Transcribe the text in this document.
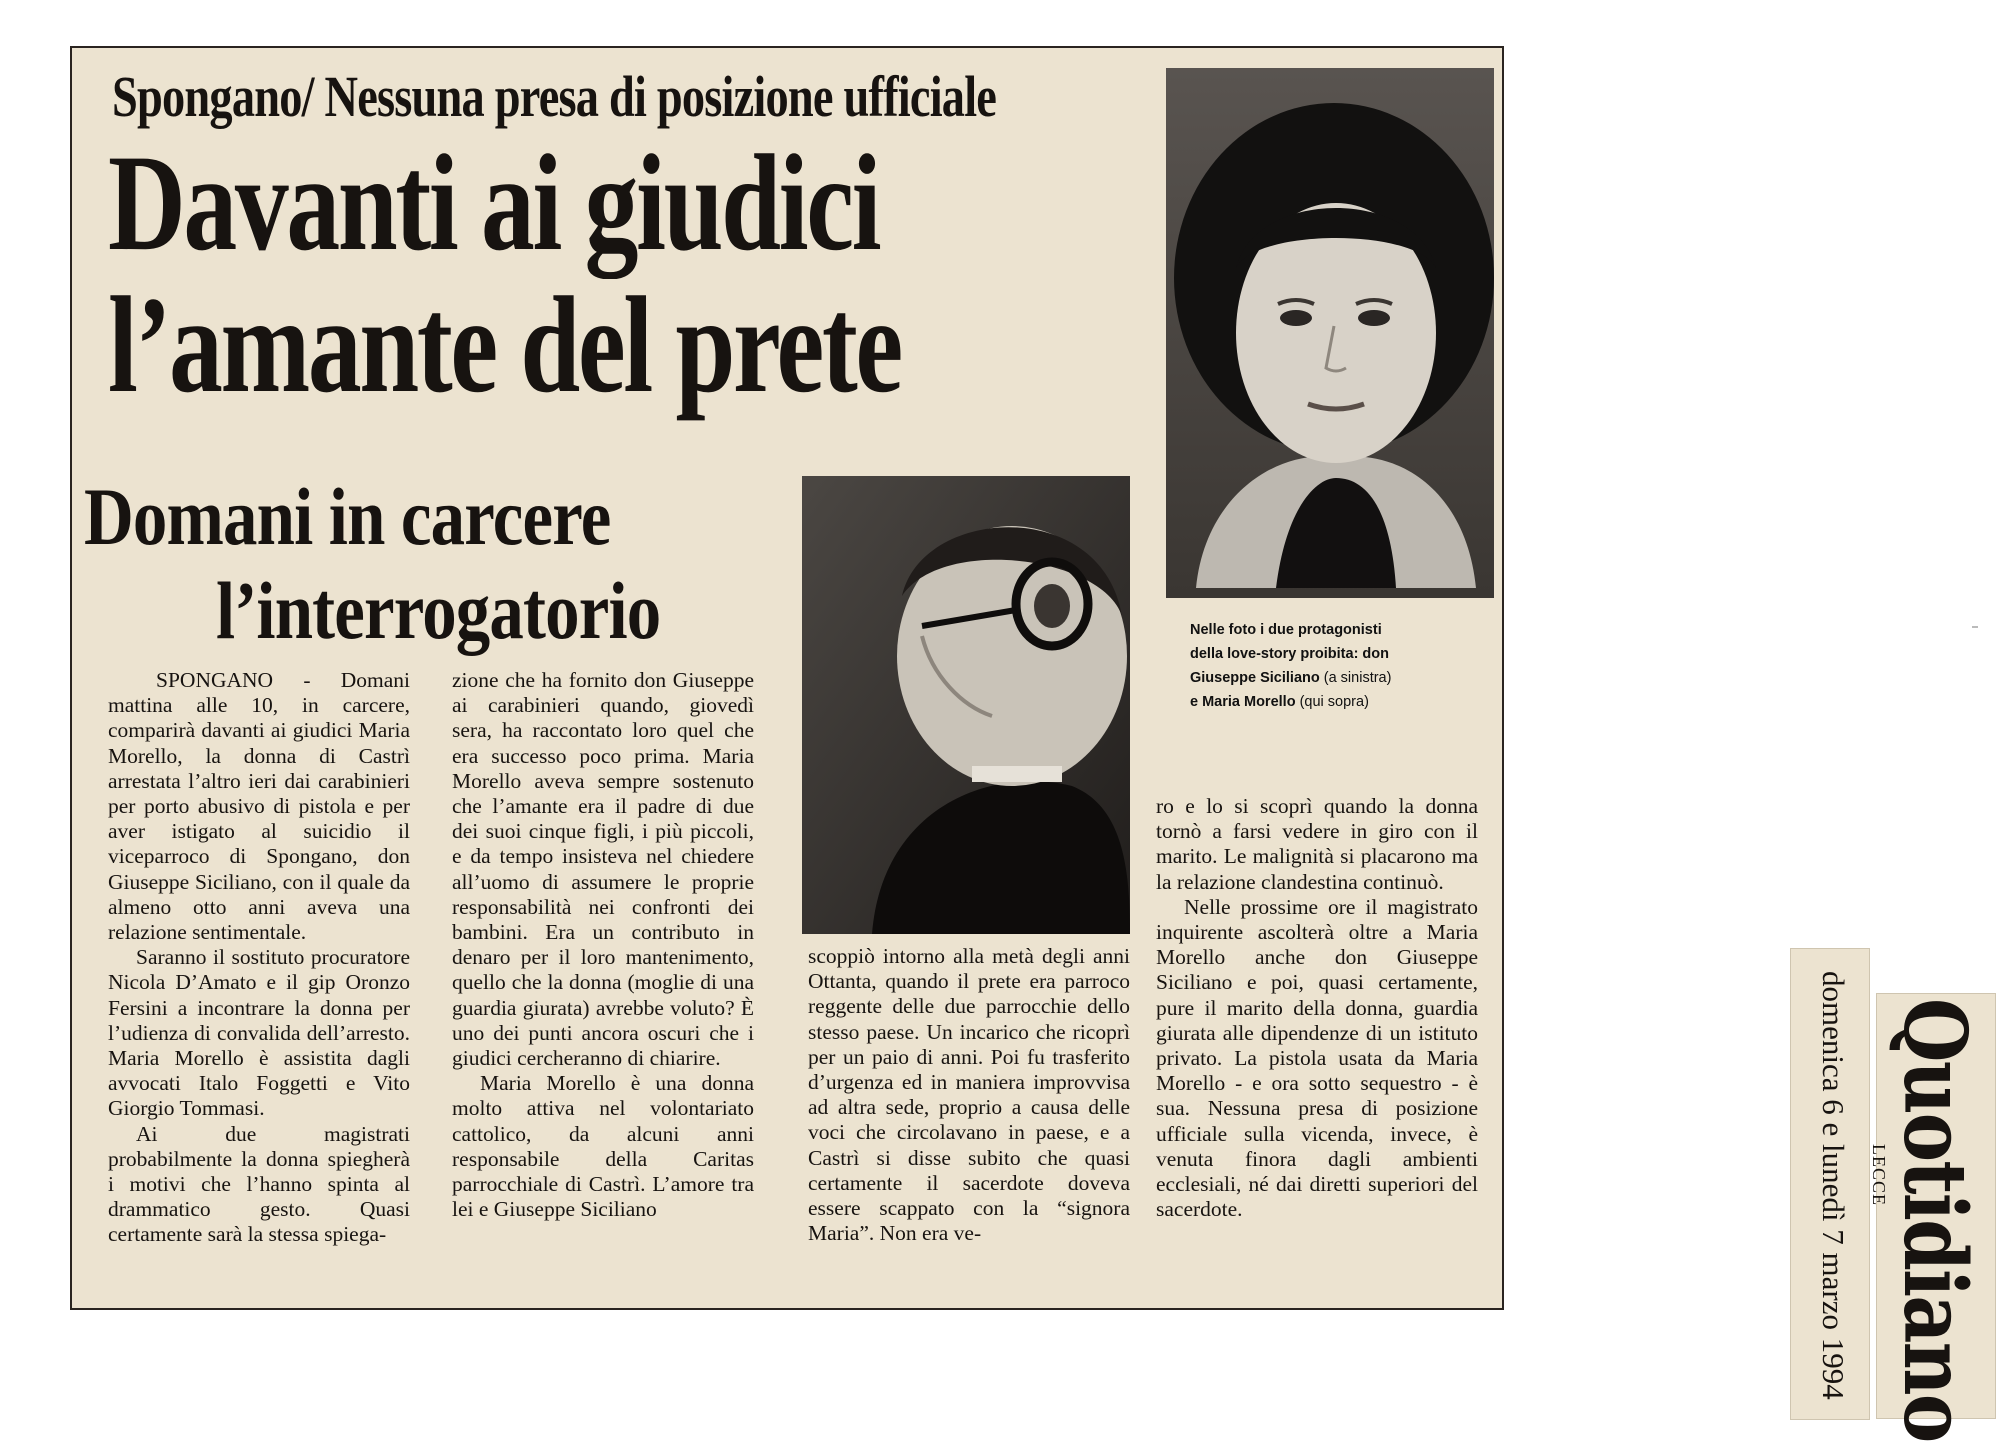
Spongano/ Nessuna presa di posizione ufficiale
Davanti ai giudici
l’amante del prete
Domani in carcere
l’interrogatorio	Nelle foto i due protagonisti
della love-story proibita: don
Giuseppe Siciliano (a sinistra)
e Maria Morello (qui sopra)

SPONGANO - Domani mattina alle 10, in carcere, comparirà davanti ai giudici Maria Morello, la donna di Castrì arrestata l’altro ieri dai carabinieri per porto abusivo di pistola e per aver istigato al suicidio il viceparroco di Spongano, don Giuseppe Siciliano, con il quale da almeno otto anni aveva una relazione sentimentale.

Saranno il sostituto procuratore Nicola D’Amato e il gip Oronzo Fersini a incontrare la donna per l’udienza di convalida dell’arresto. Maria Morello è assistita dagli avvocati Italo Foggetti e Vito Giorgio Tommasi.

Ai due magistrati probabilmente la donna spiegherà i motivi che l’hanno spinta al drammatico gesto. Quasi certamente sarà la stessa spiega-

zione che ha fornito don Giuseppe ai carabinieri quando, giovedì sera, ha raccontato loro quel che era successo poco prima. Maria Morello aveva sempre sostenuto che l’amante era il padre di due dei suoi cinque figli, i più piccoli, e da tempo insisteva nel chiedere all’uomo di assumere le proprie responsabilità nei confronti dei bambini. Era un contributo in denaro per il loro mantenimento, quello che la donna (moglie di una guardia giurata) avrebbe voluto? È uno dei punti ancora oscuri che i giudici cercheranno di chiarire.

Maria Morello è una donna molto attiva nel volontariato cattolico, da alcuni anni responsabile della Caritas parrocchiale di Castrì. L’amore tra lei e Giuseppe Siciliano

scoppiò intorno alla metà degli anni Ottanta, quando il prete era parroco reggente delle due parrocchie dello stesso paese. Un incarico che ricoprì per un paio di anni. Poi fu trasferito d’urgenza ed in maniera improvvisa ad altra sede, proprio a causa delle voci che circolavano in paese, e a Castrì si disse subito che quasi certamente il sacerdote doveva essere scappato con la “signora Maria”. Non era ve-

ro e lo si scoprì quando la donna tornò a farsi vedere in giro con il marito. Le malignità si placarono ma la relazione clandestina continuò.

Nelle prossime ore il magistrato inquirente ascolterà oltre a Maria Morello anche don Giuseppe Siciliano e poi, quasi certamente, pure il marito della donna, guardia giurata alle dipendenze di un istituto privato. La pistola usata da Maria Morello - e ora sotto sequestro - è sua. Nessuna presa di posizione ufficiale sulla vicenda, invece, è venuta finora dagli ambienti ecclesiali, né dai diretti superiori del sacerdote.	domenica 6 e lunedì 7 marzo 1994 Quotidiano
LECCE
